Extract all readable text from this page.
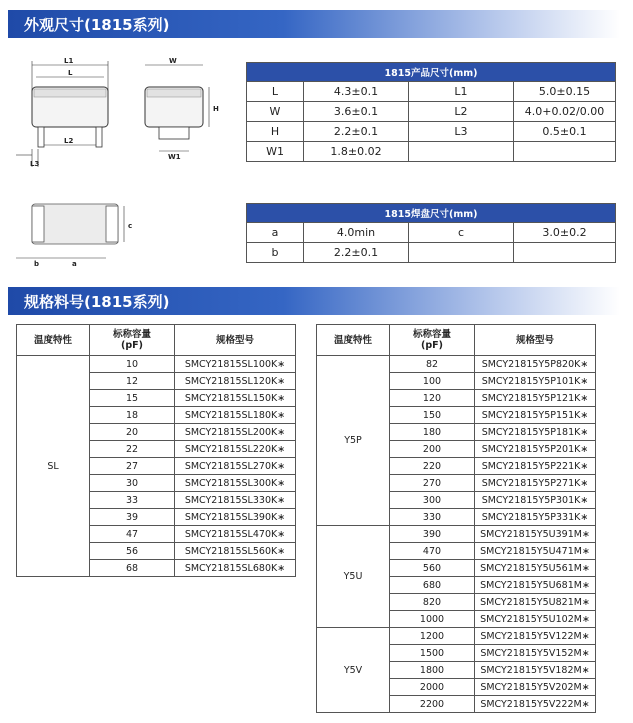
外观尺寸(1815系列)
L1
L
L2
L3
W
H
W1
c
b	a
1815产品尺寸(mm)			
L	4.3±0.1	L1	5.0±0.15
W	3.6±0.1	L2	4.0+0.02/0.00
H	2.2±0.1	L3	0.5±0.1
W1	1.8±0.02		
1815焊盘尺寸(mm)			
a	4.0min	c	3.0±0.2
b	2.2±0.1		
规格料号(1815系列)
温度特性	标称容量
(pF)	规格型号
SL	10	SMCY21815SL100K∗
	12	SMCY21815SL120K∗
	15	SMCY21815SL150K∗
	18	SMCY21815SL180K∗
	20	SMCY21815SL200K∗
	22	SMCY21815SL220K∗
	27	SMCY21815SL270K∗
	30	SMCY21815SL300K∗
	33	SMCY21815SL330K∗
	39	SMCY21815SL390K∗
	47	SMCY21815SL470K∗
	56	SMCY21815SL560K∗
	68	SMCY21815SL680K∗
温度特性	标称容量
(pF)	规格型号
Y5P	82	SMCY21815Y5P820K∗
	100	SMCY21815Y5P101K∗
	120	SMCY21815Y5P121K∗
	150	SMCY21815Y5P151K∗
	180	SMCY21815Y5P181K∗
	200	SMCY21815Y5P201K∗
	220	SMCY21815Y5P221K∗
	270	SMCY21815Y5P271K∗
	300	SMCY21815Y5P301K∗
	330	SMCY21815Y5P331K∗
Y5U	390	SMCY21815Y5U391M∗
	470	SMCY21815Y5U471M∗
	560	SMCY21815Y5U561M∗
	680	SMCY21815Y5U681M∗
	820	SMCY21815Y5U821M∗
	1000	SMCY21815Y5U102M∗
Y5V	1200	SMCY21815Y5V122M∗
	1500	SMCY21815Y5V152M∗
	1800	SMCY21815Y5V182M∗
	2000	SMCY21815Y5V202M∗
	2200	SMCY21815Y5V222M∗
